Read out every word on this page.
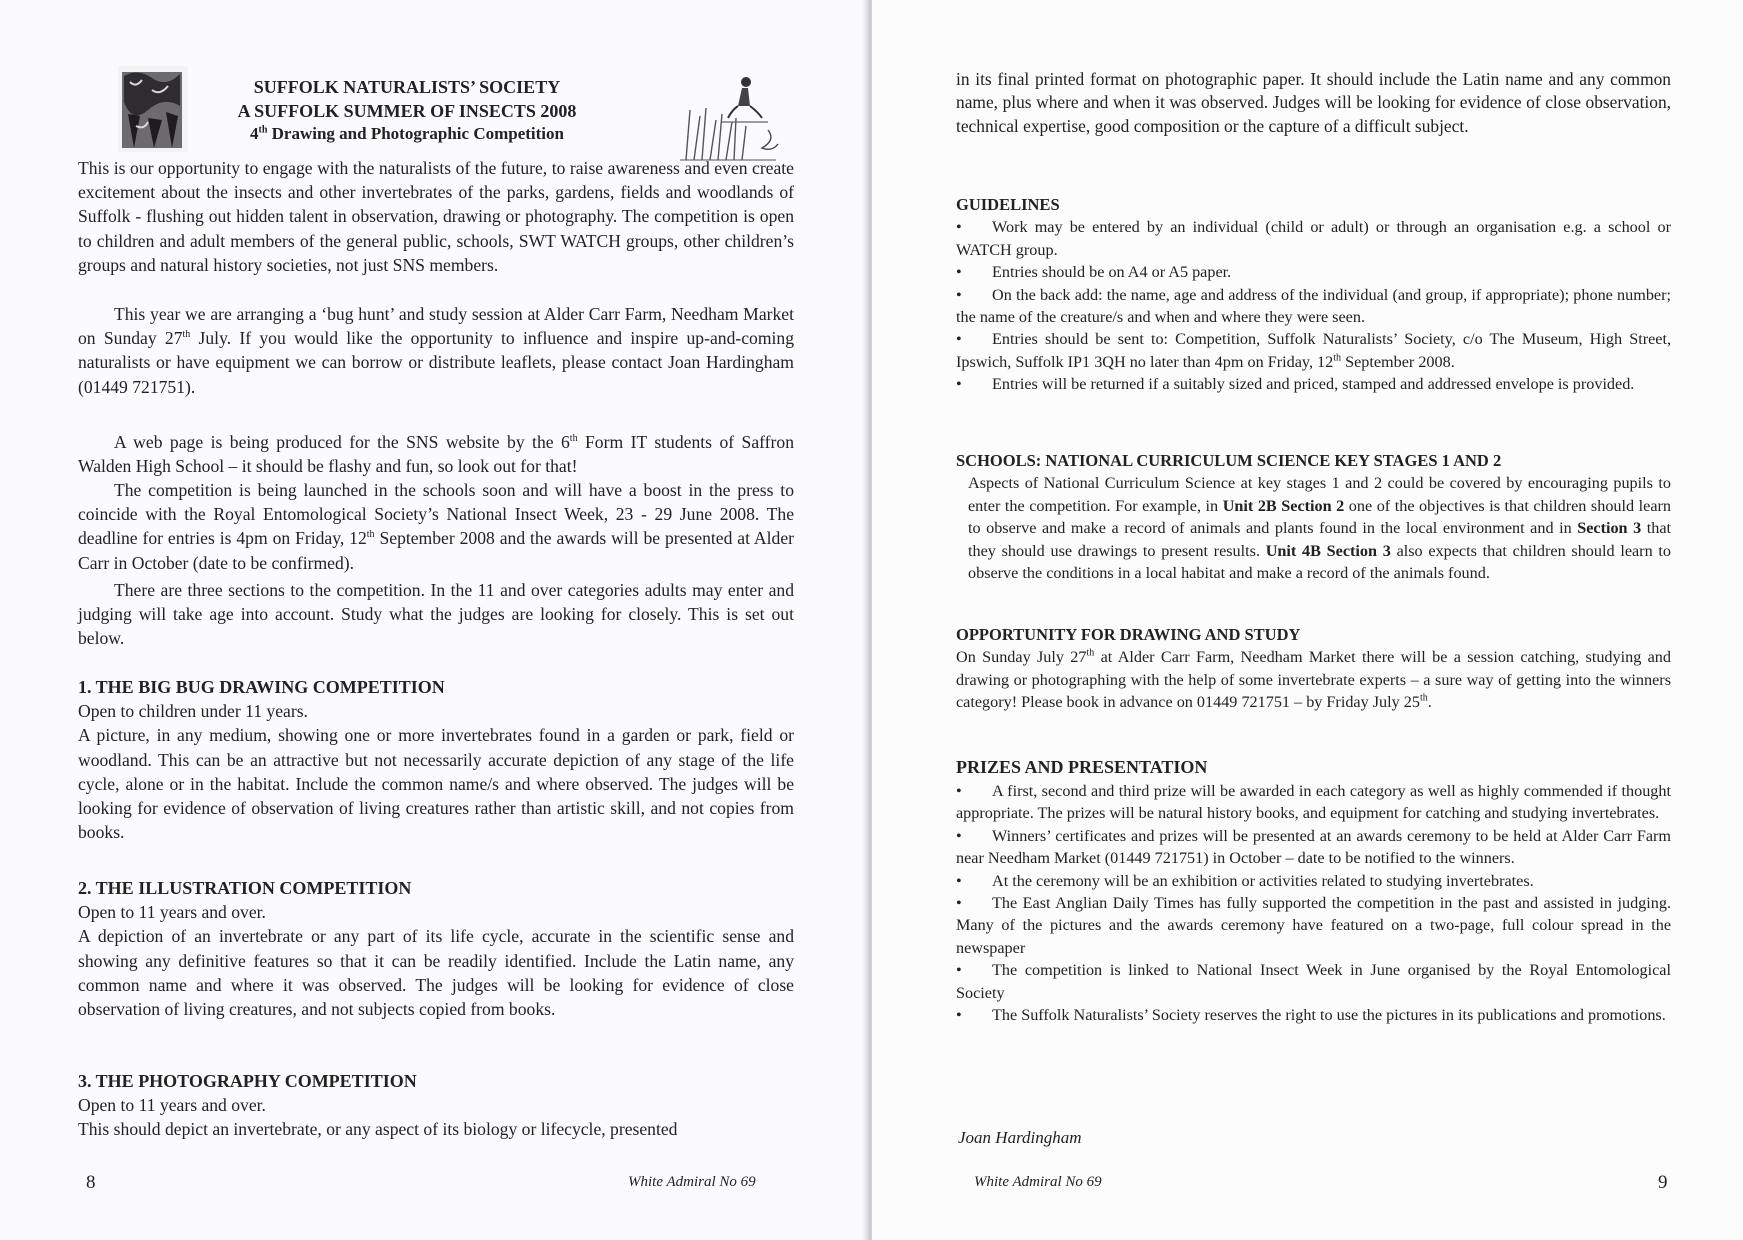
SUFFOLK NATURALISTS’ SOCIETY
A SUFFOLK SUMMER OF INSECTS 2008
4th Drawing and Photographic Competition

This is our opportunity to engage with the naturalists of the future, to raise awareness and even create excitement about the insects and other invertebrates of the parks, gardens, fields and woodlands of Suffolk - flushing out hidden talent in observation, drawing or photography. The competition is open to children and adult members of the general public, schools, SWT WATCH groups, other children’s groups and natural history societies, not just SNS members.

This year we are arranging a ‘bug hunt’ and study session at Alder Carr Farm, Needham Market on Sunday 27th July. If you would like the opportunity to influence and inspire up-and-coming naturalists or have equipment we can borrow or distribute leaflets, please contact Joan Hardingham (01449 721751).

A web page is being produced for the SNS website by the 6th Form IT students of Saffron Walden High School – it should be flashy and fun, so look out for that!

The competition is being launched in the schools soon and will have a boost in the press to coincide with the Royal Entomological Society’s National Insect Week, 23 - 29 June 2008. The deadline for entries is 4pm on Friday, 12th September 2008 and the awards will be presented at Alder Carr in October (date to be confirmed).

There are three sections to the competition. In the 11 and over categories adults may enter and judging will take age into account. Study what the judges are looking for closely. This is set out below.

1. THE BIG BUG DRAWING COMPETITION

Open to children under 11 years.

A picture, in any medium, showing one or more invertebrates found in a garden or park, field or woodland. This can be an attractive but not necessarily accurate depiction of any stage of the life cycle, alone or in the habitat. Include the common name/s and where observed. The judges will be looking for evidence of observation of living creatures rather than artistic skill, and not copies from books.

2. THE ILLUSTRATION COMPETITION

Open to 11 years and over.

A depiction of an invertebrate or any part of its life cycle, accurate in the scientific sense and showing any definitive features so that it can be readily identified. Include the Latin name, any common name and where it was observed. The judges will be looking for evidence of close observation of living creatures, and not subjects copied from books.

3. THE PHOTOGRAPHY COMPETITION

Open to 11 years and over.

This should depict an invertebrate, or any aspect of its biology or lifecycle, presented

8	White Admiral No 69

in its final printed format on photographic paper. It should include the Latin name and any common name, plus where and when it was observed. Judges will be looking for evidence of close observation, technical expertise, good composition or the capture of a difficult subject.

GUIDELINES

• Work may be entered by an individual (child or adult) or through an organisation e.g. a school or WATCH group.
• Entries should be on A4 or A5 paper.
• On the back add: the name, age and address of the individual (and group, if appropriate); phone number; the name of the creature/s and when and where they were seen.
• Entries should be sent to: Competition, Suffolk Naturalists’ Society, c/o The Museum, High Street, Ipswich, Suffolk IP1 3QH no later than 4pm on Friday, 12th September 2008.
• Entries will be returned if a suitably sized and priced, stamped and addressed envelope is provided.

SCHOOLS: NATIONAL CURRICULUM SCIENCE KEY STAGES 1 AND 2

Aspects of National Curriculum Science at key stages 1 and 2 could be covered by encouraging pupils to enter the competition. For example, in Unit 2B Section 2 one of the objectives is that children should learn to observe and make a record of animals and plants found in the local environment and in Section 3 that they should use drawings to present results. Unit 4B Section 3 also expects that children should learn to observe the conditions in a local habitat and make a record of the animals found.

OPPORTUNITY FOR DRAWING AND STUDY

On Sunday July 27th at Alder Carr Farm, Needham Market there will be a session catching, studying and drawing or photographing with the help of some invertebrate experts – a sure way of getting into the winners category! Please book in advance on 01449 721751 – by Friday July 25th.

PRIZES AND PRESENTATION

• A first, second and third prize will be awarded in each category as well as highly commended if thought appropriate. The prizes will be natural history books, and equipment for catching and studying invertebrates.
• Winners’ certificates and prizes will be presented at an awards ceremony to be held at Alder Carr Farm near Needham Market (01449 721751) in October – date to be notified to the winners.
• At the ceremony will be an exhibition or activities related to studying invertebrates.
• The East Anglian Daily Times has fully supported the competition in the past and assisted in judging. Many of the pictures and the awards ceremony have featured on a two-page, full colour spread in the newspaper
• The competition is linked to National Insect Week in June organised by the Royal Entomological Society
• The Suffolk Naturalists’ Society reserves the right to use the pictures in its publications and promotions.
Joan Hardingham
White Admiral No 69	9
